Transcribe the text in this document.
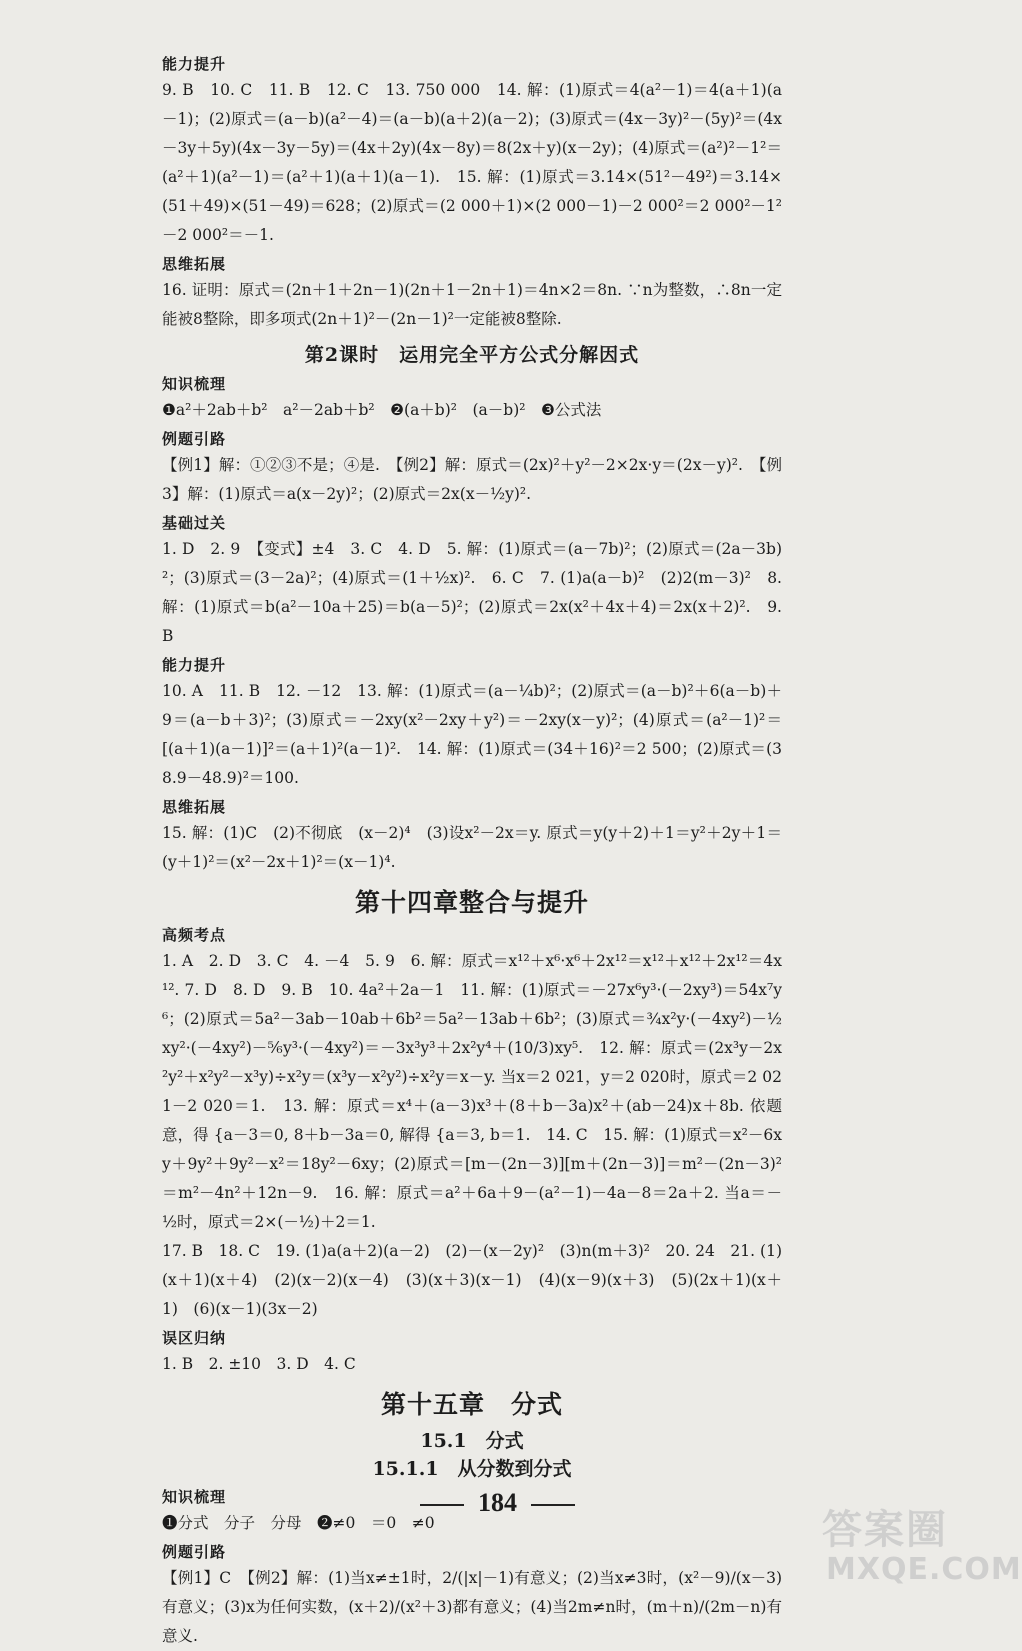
能力提升
9. B　10. C　11. B　12. C　13. 750 000　14. 解：(1)原式＝4(a²－1)＝4(a＋1)(a－1)；(2)原式＝(a－b)(a²－4)＝(a－b)(a＋2)(a－2)；(3)原式＝(4x－3y)²－(5y)²＝(4x－3y＋5y)(4x－3y－5y)＝(4x＋2y)(4x－8y)＝8(2x＋y)(x－2y)；(4)原式＝(a²)²－1²＝(a²＋1)(a²－1)＝(a²＋1)(a＋1)(a－1).　15. 解：(1)原式＝3.14×(51²－49²)＝3.14×(51＋49)×(51－49)＝628；(2)原式＝(2 000＋1)×(2 000－1)－2 000²＝2 000²－1²－2 000²＝－1.
思维拓展
16. 证明：原式＝(2n＋1＋2n－1)(2n＋1－2n＋1)＝4n×2＝8n. ∵n为整数，∴8n一定能被8整除，即多项式(2n＋1)²－(2n－1)²一定能被8整除.
第2课时　运用完全平方公式分解因式
知识梳理
❶a²＋2ab＋b²　a²－2ab＋b²　❷(a＋b)²　(a－b)²　❸公式法
例题引路
【例1】解：①②③不是；④是.　【例2】解：原式＝(2x)²＋y²－2×2x·y＝(2x－y)².　【例3】解：(1)原式＝a(x－2y)²；(2)原式＝2x(x－½y)².
基础过关
1. D　2. 9　【变式】±4　3. C　4. D　5. 解：(1)原式＝(a－7b)²；(2)原式＝(2a－3b)²；(3)原式＝(3－2a)²；(4)原式＝(1＋½x)².　6. C　7. (1)a(a－b)²　(2)2(m－3)²　8. 解：(1)原式＝b(a²－10a＋25)＝b(a－5)²；(2)原式＝2x(x²＋4x＋4)＝2x(x＋2)².　9. B
能力提升
10. A　11. B　12. －12　13. 解：(1)原式＝(a－¼b)²；(2)原式＝(a－b)²＋6(a－b)＋9＝(a－b＋3)²；(3)原式＝－2xy(x²－2xy＋y²)＝－2xy(x－y)²；(4)原式＝(a²－1)²＝[(a＋1)(a－1)]²＝(a＋1)²(a－1)².　14. 解：(1)原式＝(34＋16)²＝2 500；(2)原式＝(38.9－48.9)²＝100.
思维拓展
15. 解：(1)C　(2)不彻底　(x－2)⁴　(3)设x²－2x＝y. 原式＝y(y＋2)＋1＝y²＋2y＋1＝(y＋1)²＝(x²－2x＋1)²＝(x－1)⁴.
第十四章整合与提升
高频考点
1. A　2. D　3. C　4. －4　5. 9　6. 解：原式＝x¹²＋x⁶·x⁶＋2x¹²＝x¹²＋x¹²＋2x¹²＝4x¹². 7. D　8. D　9. B　10. 4a²＋2a－1　11. 解：(1)原式＝－27x⁶y³·(－2xy³)＝54x⁷y⁶；(2)原式＝5a²－3ab－10ab＋6b²＝5a²－13ab＋6b²；(3)原式＝¾x²y·(－4xy²)－½xy²·(－4xy²)－⅚y³·(－4xy²)＝－3x³y³＋2x²y⁴＋(10/3)xy⁵.　12. 解：原式＝(2x³y－2x²y²＋x²y²－x³y)÷x²y＝(x³y－x²y²)÷x²y＝x－y. 当x＝2 021，y＝2 020时，原式＝2 021－2 020＝1.　13. 解：原式＝x⁴＋(a－3)x³＋(8＋b－3a)x²＋(ab－24)x＋8b. 依题意，得 {a－3＝0, 8＋b－3a＝0, 解得 {a＝3, b＝1.　14. C　15. 解：(1)原式＝x²－6xy＋9y²＋9y²－x²＝18y²－6xy；(2)原式＝[m－(2n－3)][m＋(2n－3)]＝m²－(2n－3)²＝m²－4n²＋12n－9.　16. 解：原式＝a²＋6a＋9－(a²－1)－4a－8＝2a＋2. 当a＝－½时，原式＝2×(－½)＋2＝1.
17. B　18. C　19. (1)a(a＋2)(a－2)　(2)－(x－2y)²　(3)n(m＋3)²　20. 24　21. (1)(x＋1)(x＋4)　(2)(x－2)(x－4)　(3)(x＋3)(x－1)　(4)(x－9)(x＋3)　(5)(2x＋1)(x＋1)　(6)(x－1)(3x－2)
误区归纳
1. B　2. ±10　3. D　4. C
第十五章　分式
15.1　分式
15.1.1　从分数到分式
知识梳理
❶分式　分子　分母　❷≠0　＝0　≠0
例题引路
【例1】C　【例2】解：(1)当x≠±1时，2/(|x|－1)有意义；(2)当x≠3时，(x²－9)/(x－3)有意义；(3)x为任何实数，(x＋2)/(x²＋3)都有意义；(4)当2m≠n时，(m＋n)/(2m－n)有意义.
184
答案圈
MXQE.COM
